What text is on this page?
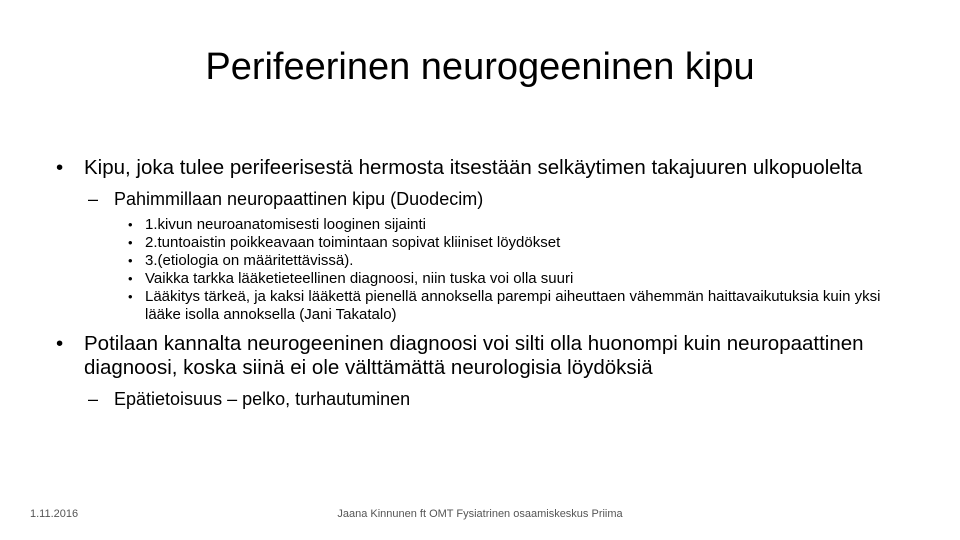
Perifeerinen neurogeeninen kipu
• Kipu, joka tulee perifeerisestä hermosta itsestään selkäytimen takajuuren ulkopuolelta
– Pahimmillaan neuropaattinen kipu (Duodecim)
• 1.kivun neuroanatomisesti looginen sijainti
• 2.tuntoaistin poikkeavaan toimintaan sopivat kliiniset löydökset
• 3.(etiologia on määritettävissä).
• Vaikka tarkka lääketieteellinen diagnoosi, niin tuska voi olla suuri
• Lääkitys tärkeä, ja kaksi lääkettä pienellä annoksella parempi aiheuttaen vähemmän haittavaikutuksia kuin yksi lääke isolla annoksella (Jani Takatalo)
• Potilaan kannalta neurogeeninen diagnoosi voi silti olla huonompi kuin neuropaattinen diagnoosi, koska siinä ei ole välttämättä neurologisia löydöksiä
– Epätietoisuus – pelko, turhautuminen
1.11.2016	Jaana Kinnunen ft OMT Fysiatrinen osaamiskeskus Priima
